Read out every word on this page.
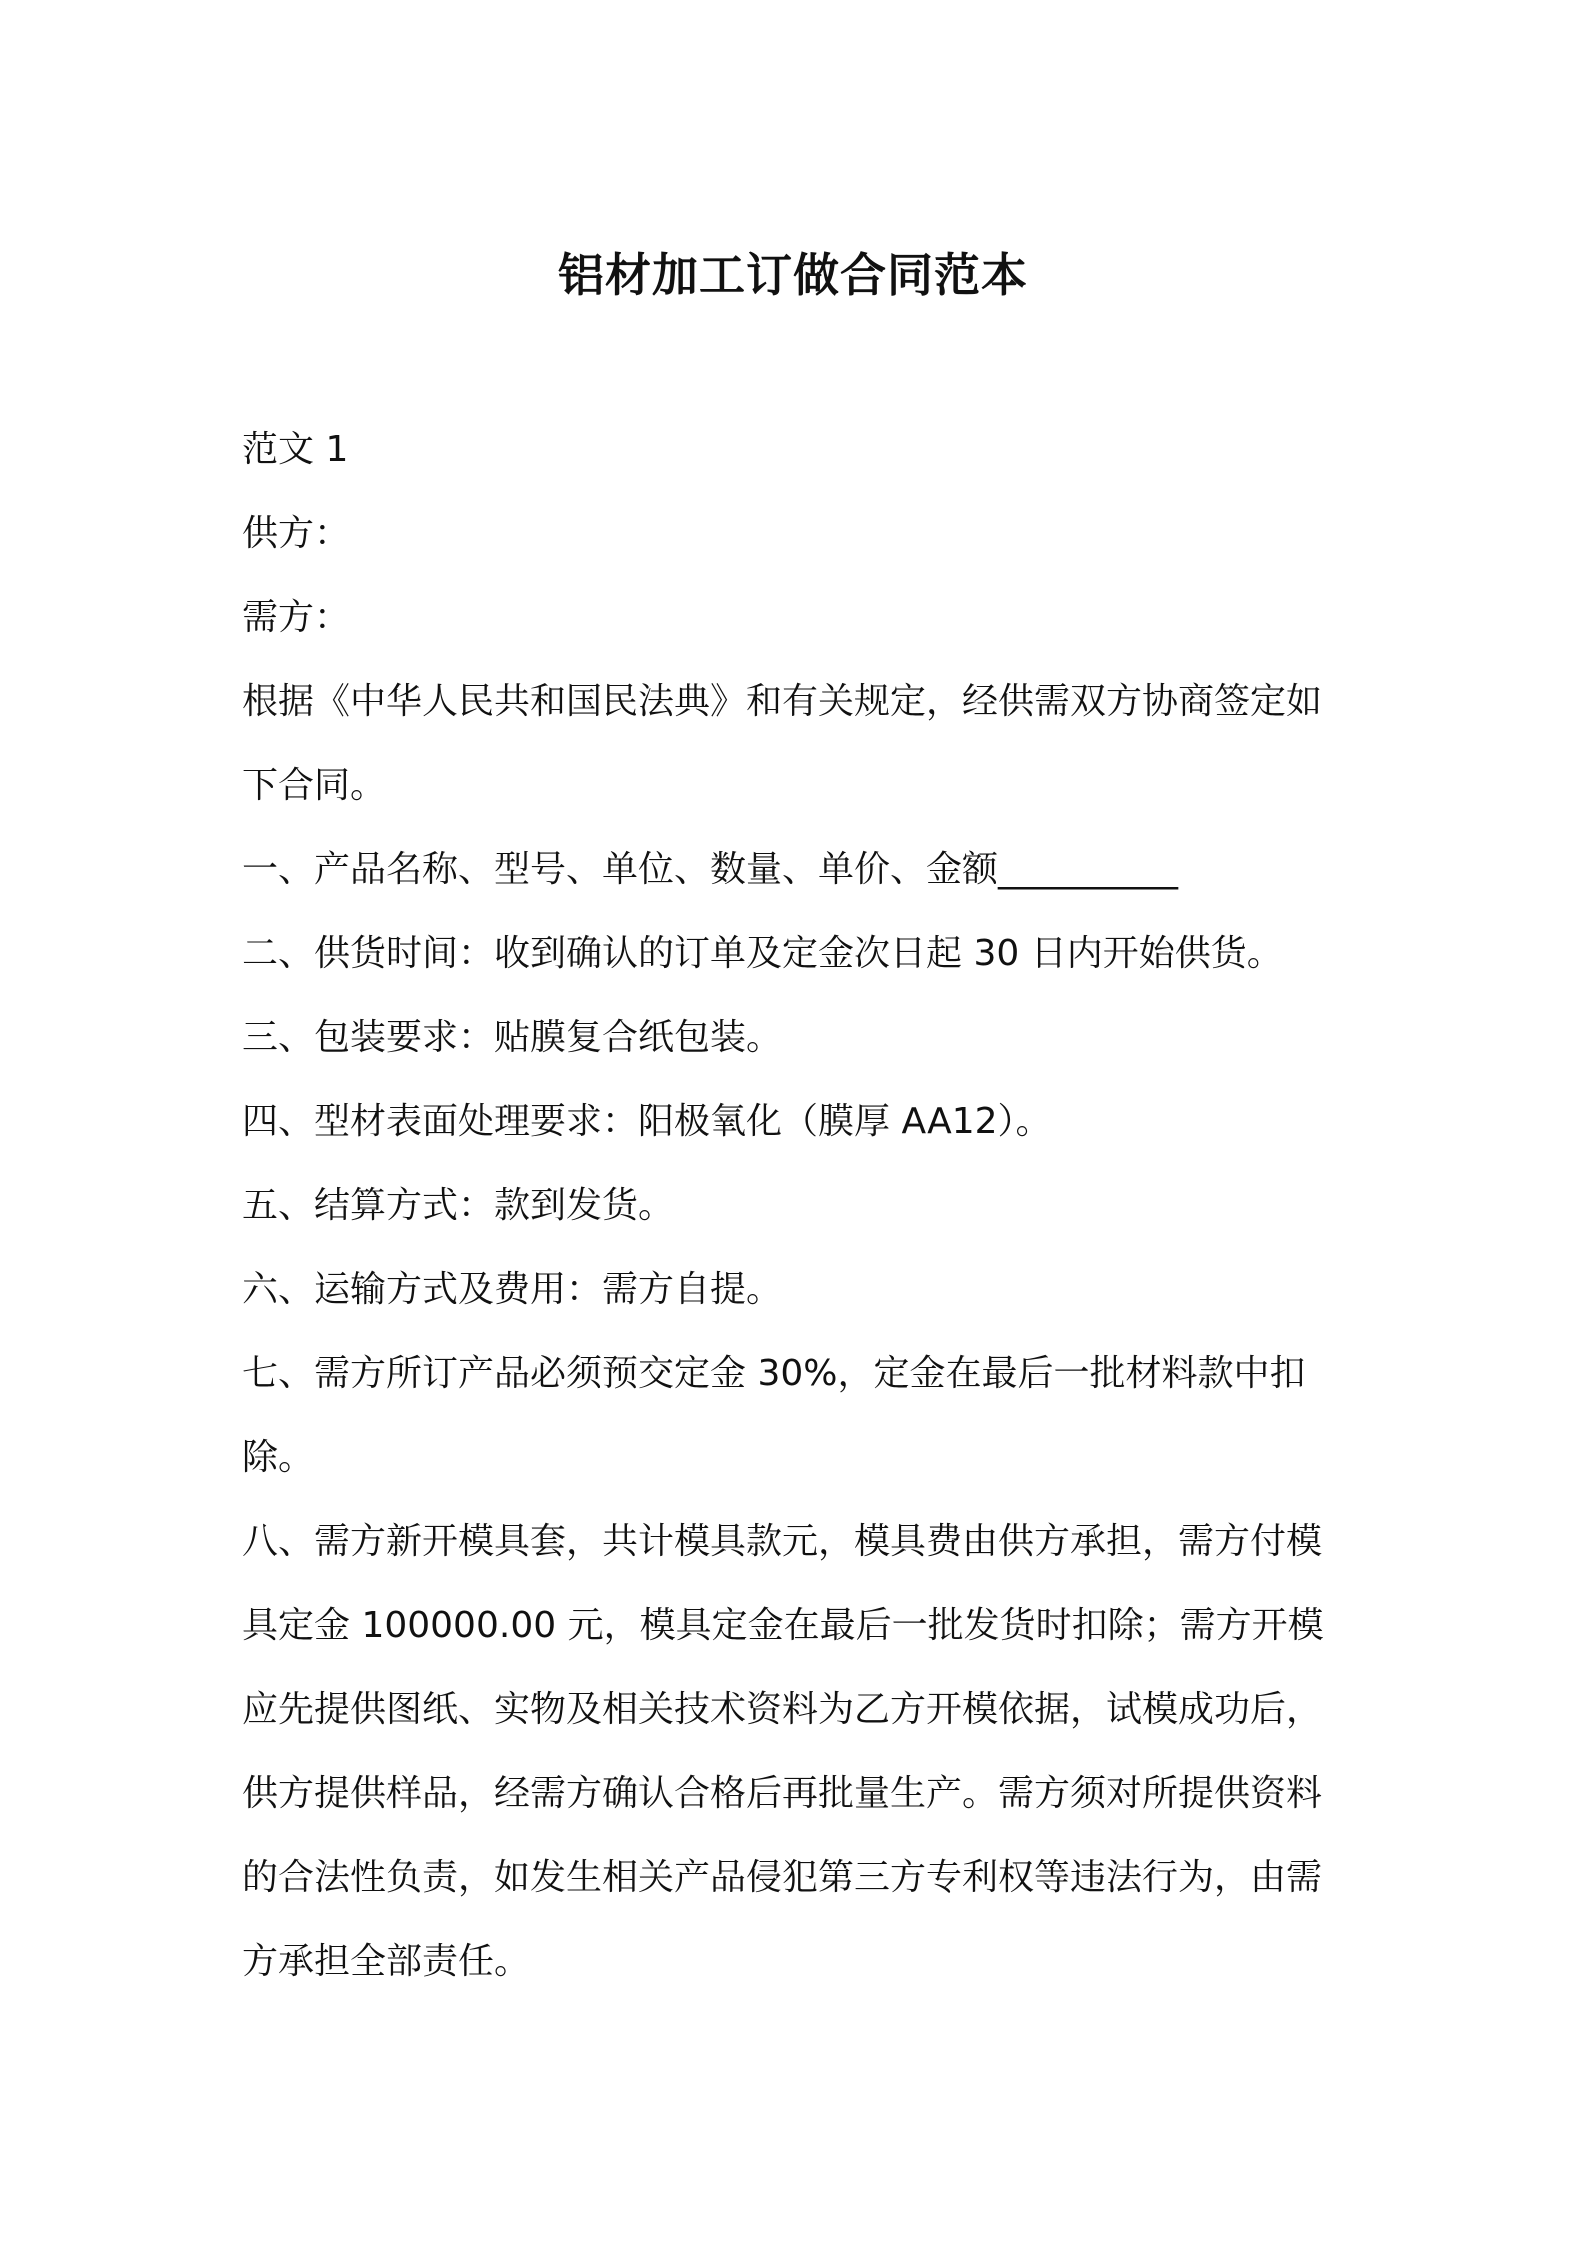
铝材加工订做合同范本

范文 1

供方：

需方：

根据《中华人民共和国民法典》和有关规定，经供需双方协商签定如

下合同。

一、产品名称、型号、单位、数量、单价、金额__________

二、供货时间：收到确认的订单及定金次日起 30 日内开始供货。

三、包装要求：贴膜复合纸包装。

四、型材表面处理要求：阳极氧化（膜厚 AA12）。

五、结算方式：款到发货。

六、运输方式及费用：需方自提。

七、需方所订产品必须预交定金 30%，定金在最后一批材料款中扣

除。

八、需方新开模具套，共计模具款元，模具费由供方承担，需方付模

具定金 100000.00 元，模具定金在最后一批发货时扣除；需方开模

应先提供图纸、实物及相关技术资料为乙方开模依据，试模成功后，

供方提供样品，经需方确认合格后再批量生产。需方须对所提供资料

的合法性负责，如发生相关产品侵犯第三方专利权等违法行为，由需

方承担全部责任。
